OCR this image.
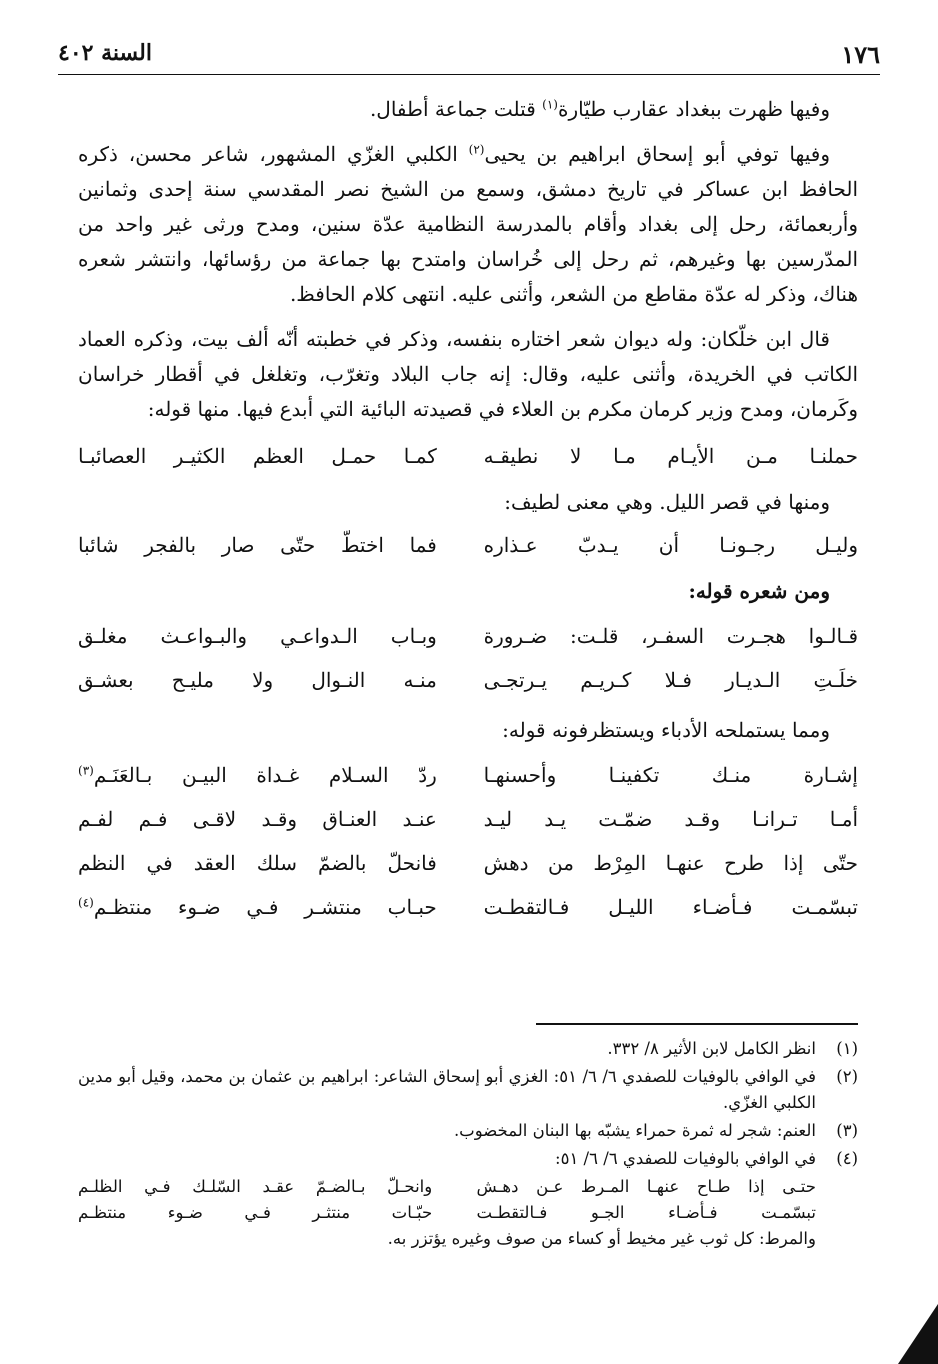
١٧٦
السنة ٤٠٢

وفيها ظهرت ببغداد عقارب طيّارة$^{(١)}$ قتلت جماعة أطفال.

وفيها توفي أبو إسحاق ابراهيم بن يحيى$^{(٢)}$ الكلبي الغزّي المشهور، شاعر محسن، ذكره الحافظ ابن عساكر في تاريخ دمشق، وسمع من الشيخ نصر المقدسي سنة إحدى وثمانين وأربعمائة، رحل إلى بغداد وأقام بالمدرسة النظامية عدّة سنين، ومدح ورثى غير واحد من المدّرسين بها وغيرهم، ثم رحل إلى خُراسان وامتدح بها جماعة من رؤسائها، وانتشر شعره هناك، وذكر له عدّة مقاطع من الشعر، وأثنى عليه. انتهى كلام الحافظ.

قال ابن خلّكان: وله ديوان شعر اختاره بنفسه، وذكر في خطبته أنّه ألف بيت، وذكره العماد الكاتب في الخريدة، وأثنى عليه، وقال: إنه جاب البلاد وتغرّب، وتغلغل في أقطار خراسان وكَرمان، ومدح وزير كرمان مكرم بن العلاء في قصيدته البائية التي أبدع فيها. منها قوله:

حملنـا مـن الأيـام مـا لا نطيقـه
كمـا حمـل العظم الكثيـر العصائبـا
ومنها في قصر الليل. وهي معنى لطيف:
وليـل رجـونـا أن يـدبّ عـذاره
فما اختطّ حتّى صار بالفجر شائبا
ومن شعره قوله:
قـالـوا هجـرت السفـر، قلـت: ضـرورة
وبـاب الـدواعـي والبـواعـث مغلـق
خلَـتِ الـديـار فـلا كـريـم يـرتجـى
منـه النـوال ولا مليـح بعشـق
ومما يستملحه الأدباء ويستظرفونه قوله:
إشـارة منـك تكفينـا وأحسنهـا
ردّ السـلام غـداة البيـن بـالعَنَـم$^{(٣)}$
أمـا تـرانـا وقـد ضمّـت يـد ليـد
عنـد العنـاق وقـد لاقـى فـم لفـم
حتّى إذا طرح عنهـا المِرْط من دهش
فانحلّ بالضمّ سلك العقد في النظم
تبسّمـت فـأضـاء الليـل فـالتقطـت
حبـاب منتشـر فـي ضـوء منتظـم$^{(٤)}$
(١)
انظر الكامل لابن الأثير ٨/ ٣٣٢.
(٢)
في الوافي بالوفيات للصفدي ٦/ ٦/ ٥١: الغزي أبو إسحاق الشاعر: ابراهيم بن عثمان بن محمد، وقيل أبو مدين الكلبي الغزّي.
(٣)
العنم: شجر له ثمرة حمراء يشبّه بها البنان المخضوب.
(٤)
في الوافي بالوفيات للصفدي ٦/ ٦/ ٥١:
حتـى إذا طـاح عنهـا المـرط عـن دهـش
وانحـلّ بـالضـمّ عقـد السّلـك فـي الظلـم
تبسّمـت فـأضـاء الجـو فـالتقطـت
حبّـات منتثـر فـي ضـوء منتظـم
والمرط: كل ثوب غير مخيط أو كساء من صوف وغيره يؤتزر به.
